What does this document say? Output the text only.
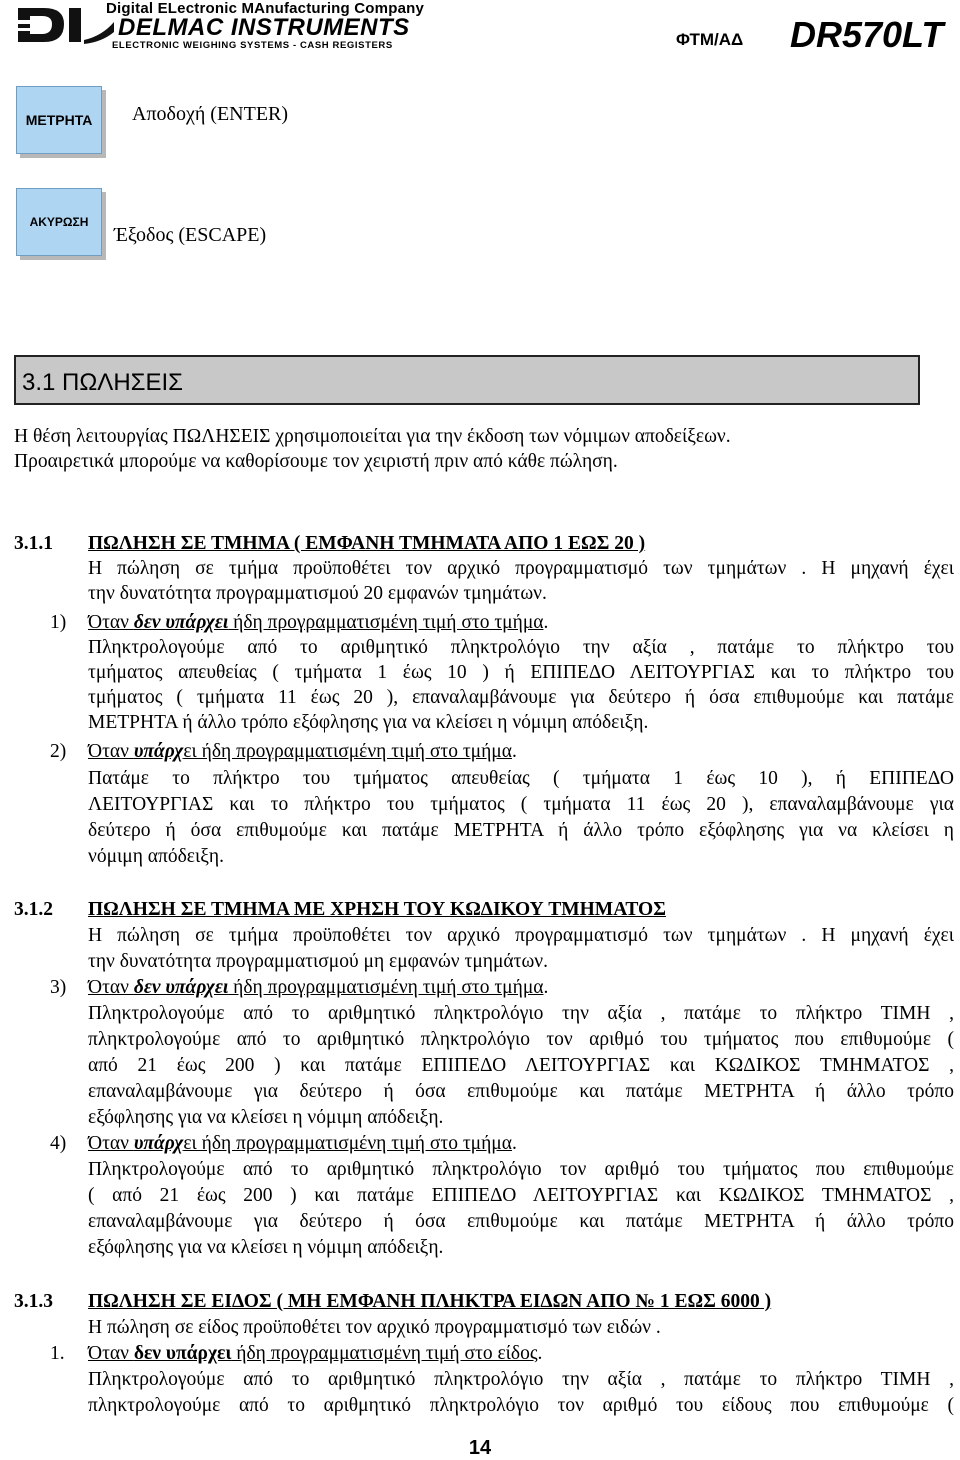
Digital ELectronic MAnufacturing Company
DELMAC INSTRUMENTS
ELECTRONIC WEIGHING SYSTEMS - CASH REGISTERS	ΦΤΜ/ΑΔ DR570LT
ΜΕΤΡΗΤΑ Αποδοχή (ENTER)
ΑΚΥΡΩΣΗ
Έξοδος (ESCAPE)
3.1 ΠΩΛΗΣΕΙΣ
Η θέση λειτουργίας ΠΩΛΗΣΕΙΣ χρησιμοποιείται για την έκδοση των νόμιμων αποδείξεων.
Προαιρετικά μπορούμε να καθορίσουμε τον χειριστή πριν από κάθε πώληση.
3.1.1 ΠΩΛΗΣΗ ΣΕ ΤΜΗΜΑ ( ΕΜΦΑΝΗ ΤΜΗΜΑΤΑ ΑΠΟ 1 ΕΩΣ 20 )
Η πώληση σε τμήμα προϋποθέτει τον αρχικό προγραμματισμό των τμημάτων . Η μηχανή έχει
την δυνατότητα προγραμματισμού 20 εμφανών τμημάτων.
1) Όταν δεν υπάρχει ήδη προγραμματισμένη τιμή στο τμήμα.
Πληκτρολογούμε από το αριθμητικό πληκτρολόγιο την αξία , πατάμε το πλήκτρο του
τμήματος απευθείας ( τμήματα 1 έως 10 ) ή ΕΠΙΠΕΔΟ ΛΕΙΤΟΥΡΓΙΑΣ και το πλήκτρο του
τμήματος ( τμήματα 11 έως 20 ), επαναλαμβάνουμε για δεύτερο ή όσα επιθυμούμε και πατάμε
ΜΕΤΡΗΤΑ ή άλλο τρόπο εξόφλησης για να κλείσει η νόμιμη απόδειξη.
2) Όταν υπάρχει ήδη προγραμματισμένη τιμή στο τμήμα.
Πατάμε το πλήκτρο του τμήματος απευθείας ( τμήματα 1 έως 10 ), ή ΕΠΙΠΕΔΟ
ΛΕΙΤΟΥΡΓΙΑΣ και το πλήκτρο του τμήματος ( τμήματα 11 έως 20 ), επαναλαμβάνουμε για
δεύτερο ή όσα επιθυμούμε και πατάμε ΜΕΤΡΗΤΑ ή άλλο τρόπο εξόφλησης για να κλείσει η
νόμιμη απόδειξη.
3.1.2 ΠΩΛΗΣΗ ΣΕ ΤΜΗΜΑ ΜΕ ΧΡΗΣΗ ΤΟΥ ΚΩΔΙΚΟΥ ΤΜΗΜΑΤΟΣ
Η πώληση σε τμήμα προϋποθέτει τον αρχικό προγραμματισμό των τμημάτων . Η μηχανή έχει
την δυνατότητα προγραμματισμού μη εμφανών τμημάτων.
3) Όταν δεν υπάρχει ήδη προγραμματισμένη τιμή στο τμήμα.
Πληκτρολογούμε από το αριθμητικό πληκτρολόγιο την αξία , πατάμε το πλήκτρο ΤΙΜΗ ,
πληκτρολογούμε από το αριθμητικό πληκτρολόγιο τον αριθμό του τμήματος που επιθυμούμε (
από 21 έως 200 ) και πατάμε ΕΠΙΠΕΔΟ ΛΕΙΤΟΥΡΓΙΑΣ και ΚΩΔΙΚΟΣ ΤΜΗΜΑΤΟΣ ,
επαναλαμβάνουμε για δεύτερο ή όσα επιθυμούμε και πατάμε ΜΕΤΡΗΤΑ ή άλλο τρόπο
εξόφλησης για να κλείσει η νόμιμη απόδειξη.
4) Όταν υπάρχει ήδη προγραμματισμένη τιμή στο τμήμα.
Πληκτρολογούμε από το αριθμητικό πληκτρολόγιο τον αριθμό του τμήματος που επιθυμούμε
( από 21 έως 200 ) και πατάμε ΕΠΙΠΕΔΟ ΛΕΙΤΟΥΡΓΙΑΣ και ΚΩΔΙΚΟΣ ΤΜΗΜΑΤΟΣ ,
επαναλαμβάνουμε για δεύτερο ή όσα επιθυμούμε και πατάμε ΜΕΤΡΗΤΑ ή άλλο τρόπο
εξόφλησης για να κλείσει η νόμιμη απόδειξη.
3.1.3 ΠΩΛΗΣΗ ΣΕ ΕΙΔΟΣ ( ΜΗ ΕΜΦΑΝΗ ΠΛΗΚΤΡΑ ΕΙΔΩΝ ΑΠΟ № 1 ΕΩΣ 6000 )
Η πώληση σε είδος προϋποθέτει τον αρχικό προγραμματισμό των ειδών .
1. Όταν δεν υπάρχει ήδη προγραμματισμένη τιμή στο είδος.
Πληκτρολογούμε από το αριθμητικό πληκτρολόγιο την αξία , πατάμε το πλήκτρο ΤΙΜΗ ,
πληκτρολογούμε από το αριθμητικό πληκτρολόγιο τον αριθμό του είδους που επιθυμούμε (
14
